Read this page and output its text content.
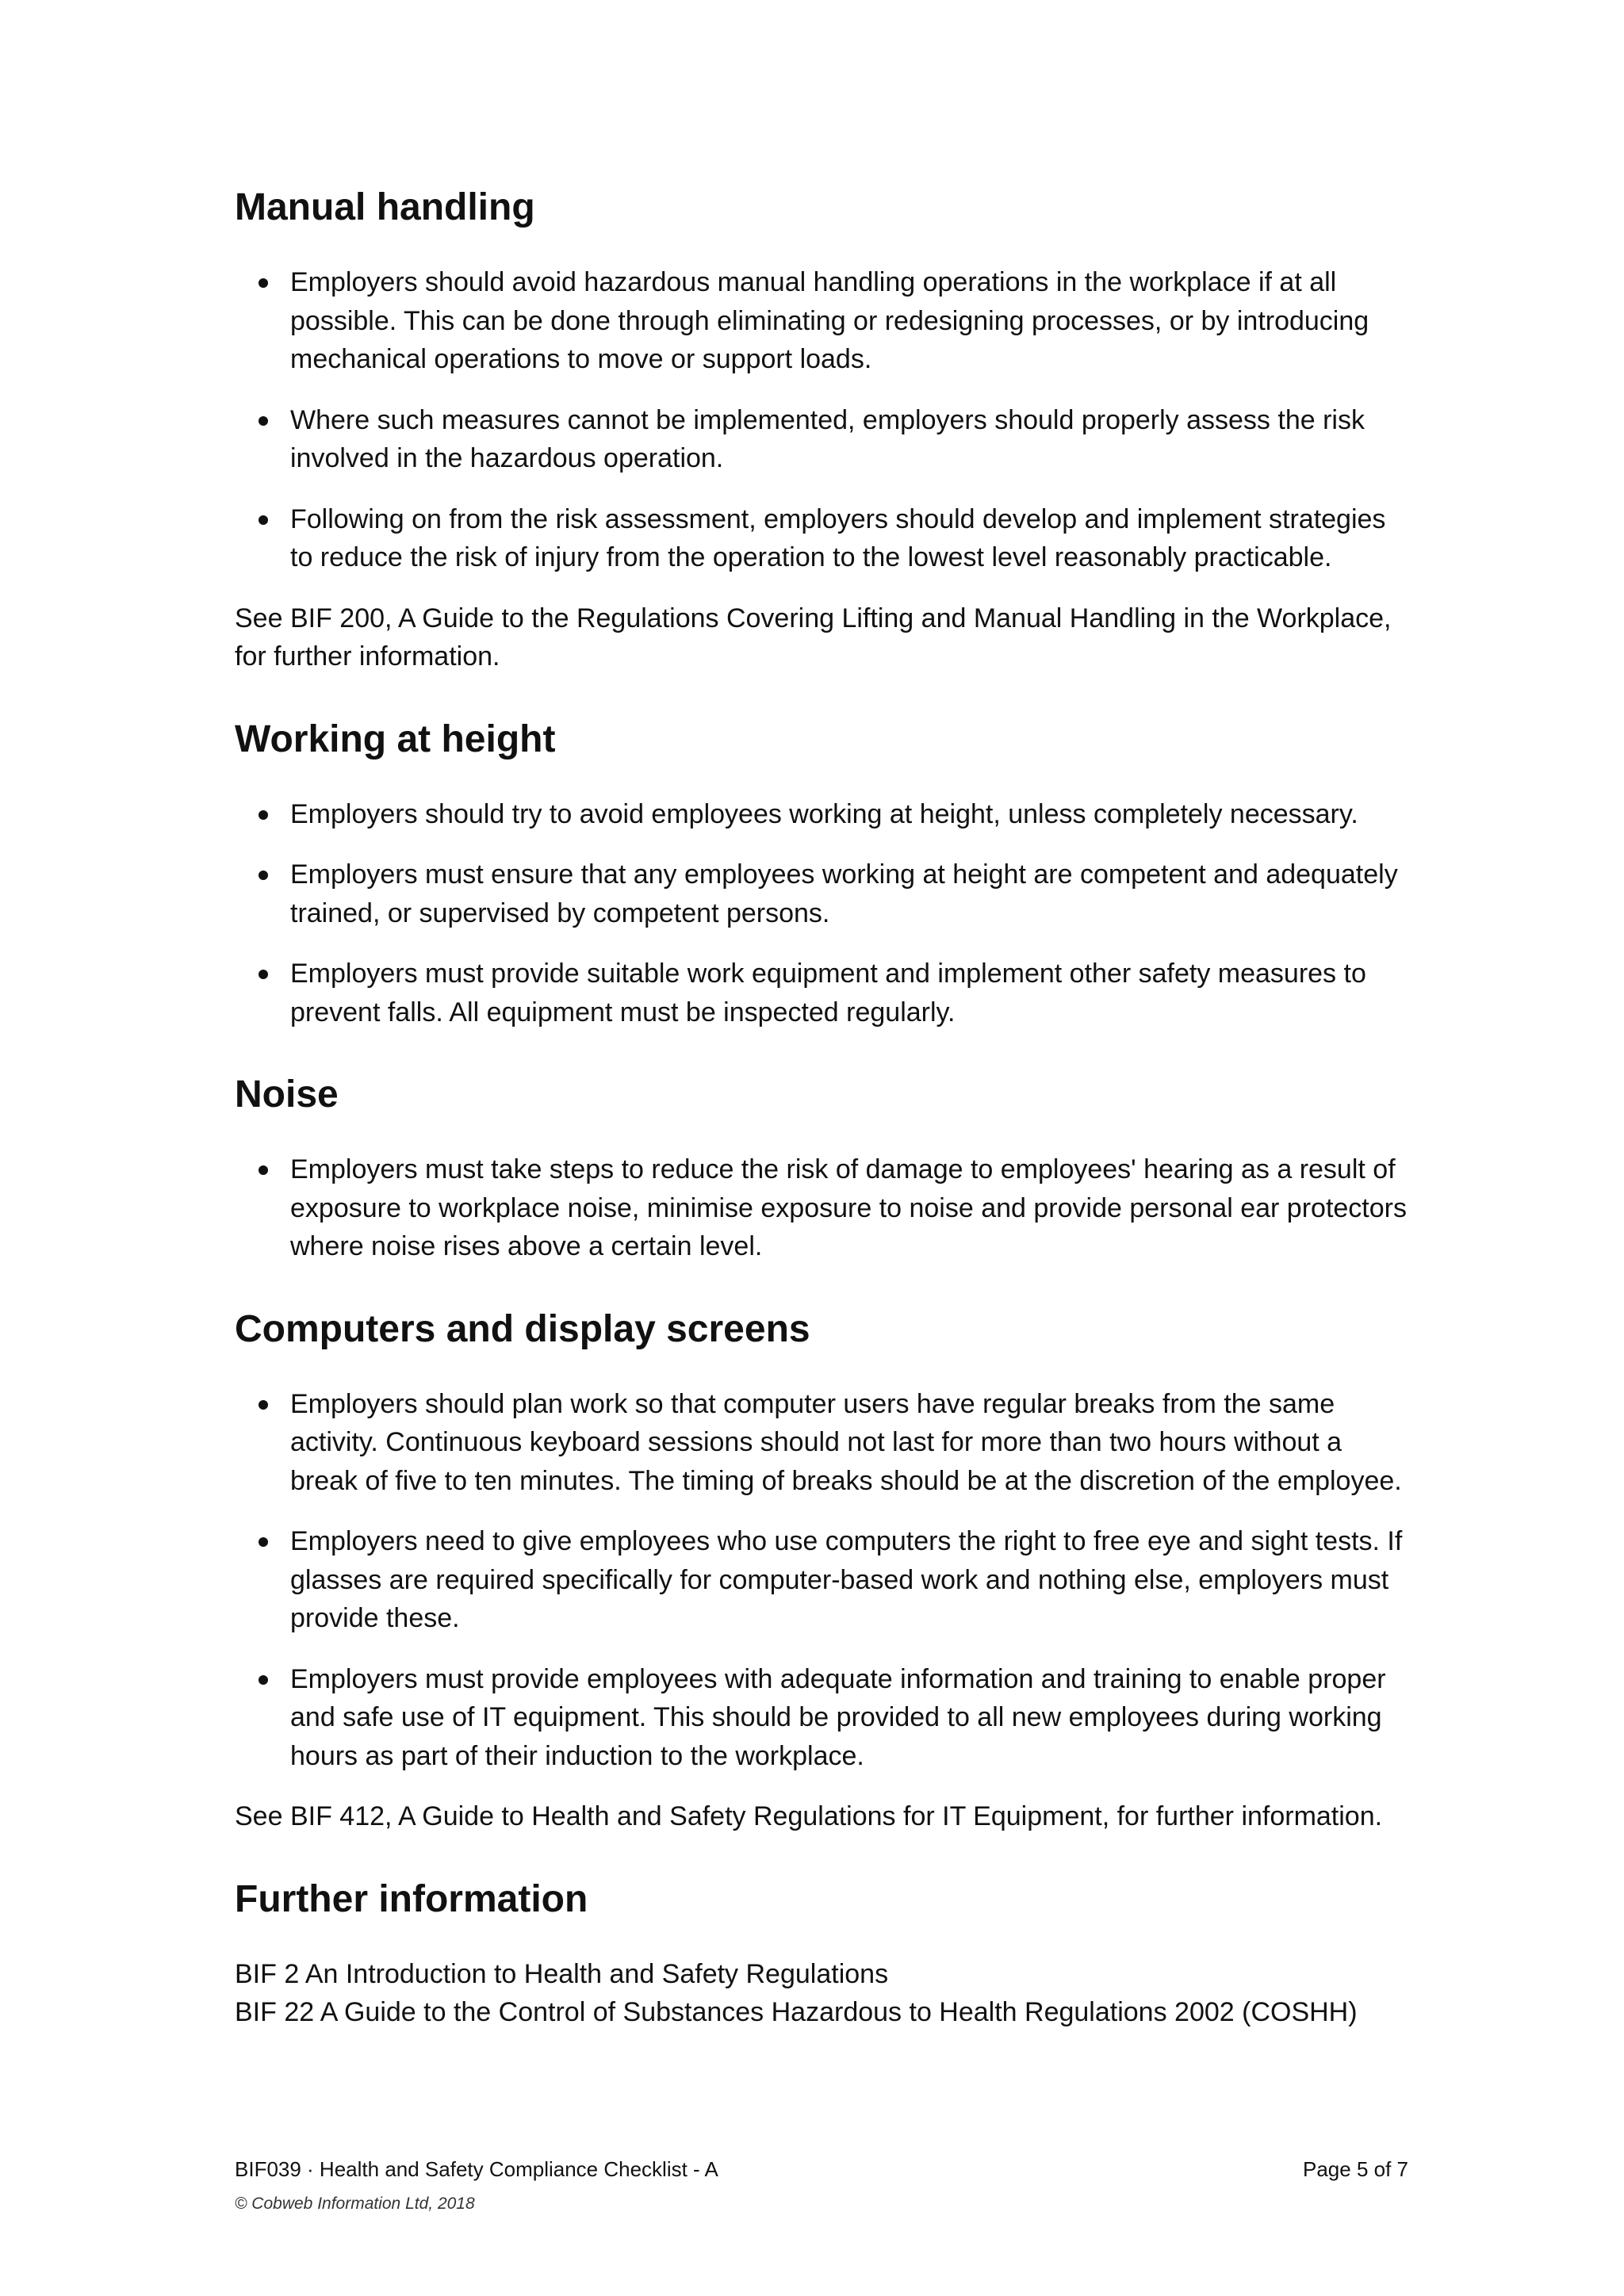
Manual handling
Employers should avoid hazardous manual handling operations in the workplace if at all possible. This can be done through eliminating or redesigning processes, or by introducing mechanical operations to move or support loads.
Where such measures cannot be implemented, employers should properly assess the risk involved in the hazardous operation.
Following on from the risk assessment, employers should develop and implement strategies to reduce the risk of injury from the operation to the lowest level reasonably practicable.

See BIF 200, A Guide to the Regulations Covering Lifting and Manual Handling in the Workplace, for further information.

Working at height
Employers should try to avoid employees working at height, unless completely necessary.
Employers must ensure that any employees working at height are competent and adequately trained, or supervised by competent persons.
Employers must provide suitable work equipment and implement other safety measures to prevent falls. All equipment must be inspected regularly.
Noise
Employers must take steps to reduce the risk of damage to employees' hearing as a result of exposure to workplace noise, minimise exposure to noise and provide personal ear protectors where noise rises above a certain level.
Computers and display screens
Employers should plan work so that computer users have regular breaks from the same activity. Continuous keyboard sessions should not last for more than two hours without a break of five to ten minutes. The timing of breaks should be at the discretion of the employee.
Employers need to give employees who use computers the right to free eye and sight tests. If glasses are required specifically for computer-based work and nothing else, employers must provide these.
Employers must provide employees with adequate information and training to enable proper and safe use of IT equipment. This should be provided to all new employees during working hours as part of their induction to the workplace.

See BIF 412, A Guide to Health and Safety Regulations for IT Equipment, for further information.

Further information

BIF 2 An Introduction to Health and Safety Regulations

BIF 22 A Guide to the Control of Substances Hazardous to Health Regulations 2002 (COSHH)

BIF039 · Health and Safety Compliance Checklist - A	Page 5 of 7
© Cobweb Information Ltd, 2018
